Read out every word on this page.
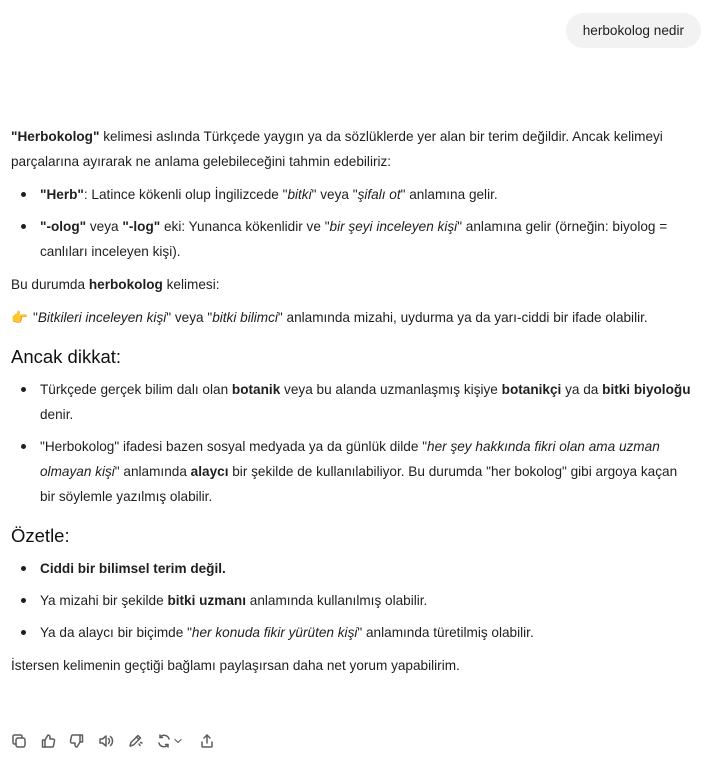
herbokolog nedir

"Herbokolog" kelimesi aslında Türkçede yaygın ya da sözlüklerde yer alan bir terim değildir. Ancak kelimeyi parçalarına ayırarak ne anlama gelebileceğini tahmin edebiliriz:

"Herb": Latince kökenli olup İngilizcede "bitki" veya "şifalı ot" anlamına gelir.
"-olog" veya "-log" eki: Yunanca kökenlidir ve "bir şeyi inceleyen kişi" anlamına gelir (örneğin: biyolog = canlıları inceleyen kişi).

Bu durumda herbokolog kelimesi:

👉 "Bitkileri inceleyen kişi" veya "bitki bilimci" anlamında mizahi, uydurma ya da yarı-ciddi bir ifade olabilir.

Ancak dikkat:
Türkçede gerçek bilim dalı olan botanik veya bu alanda uzmanlaşmış kişiye botanikçi ya da bitki biyoloğu denir.
"Herbokolog" ifadesi bazen sosyal medyada ya da günlük dilde "her şey hakkında fikri olan ama uzman olmayan kişi" anlamında alaycı bir şekilde de kullanılabiliyor. Bu durumda "her bokolog" gibi argoya kaçan bir söylemle yazılmış olabilir.
Özetle:
Ciddi bir bilimsel terim değil.
Ya mizahi bir şekilde bitki uzmanı anlamında kullanılmış olabilir.
Ya da alaycı bir biçimde "her konuda fikir yürüten kişi" anlamında türetilmiş olabilir.

İstersen kelimenin geçtiği bağlamı paylaşırsan daha net yorum yapabilirim.
